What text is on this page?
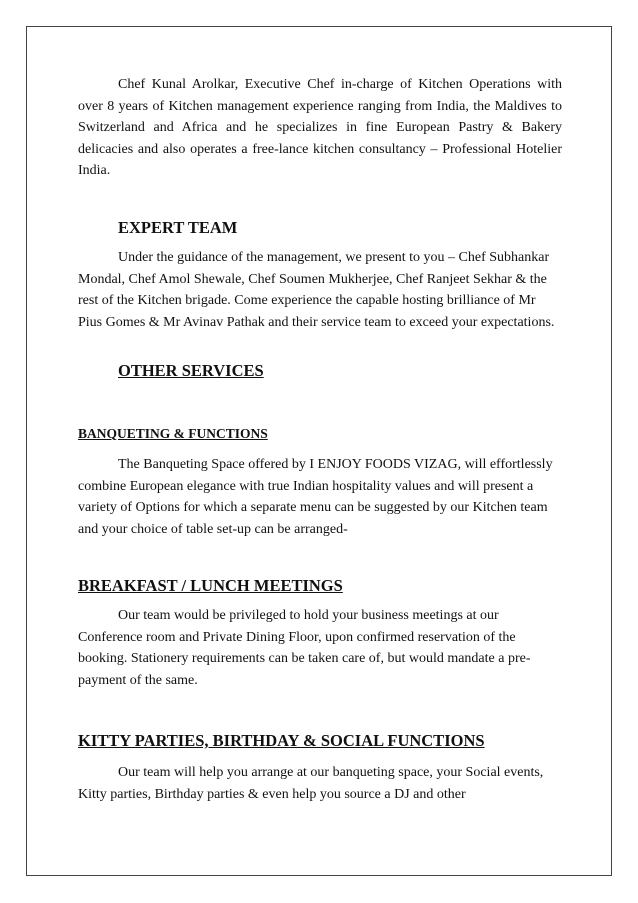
Chef Kunal Arolkar, Executive Chef in-charge of Kitchen Operations with over 8 years of Kitchen management experience ranging from India, the Maldives to Switzerland and Africa and he specializes in fine European Pastry & Bakery delicacies and also operates a free-lance kitchen consultancy – Professional Hotelier India.

EXPERT TEAM

Under the guidance of the management, we present to you – Chef Subhankar Mondal, Chef Amol Shewale, Chef Soumen Mukherjee, Chef Ranjeet Sekhar & the rest of the Kitchen brigade. Come experience the capable hosting brilliance of Mr Pius Gomes & Mr Avinav Pathak and their service team to exceed your expectations.

OTHER SERVICES
BANQUETING & FUNCTIONS

The Banqueting Space offered by I ENJOY FOODS VIZAG, will effortlessly combine European elegance with true Indian hospitality values and will present a variety of Options for which a separate menu can be suggested by our Kitchen team and your choice of table set-up can be arranged-

BREAKFAST / LUNCH MEETINGS

Our team would be privileged to hold your business meetings at our Conference room and Private Dining Floor, upon confirmed reservation of the booking. Stationery requirements can be taken care of, but would mandate a pre-payment of the same.

KITTY PARTIES, BIRTHDAY & SOCIAL FUNCTIONS

Our team will help you arrange at our banqueting space, your Social events, Kitty parties, Birthday parties & even help you source a DJ and other
